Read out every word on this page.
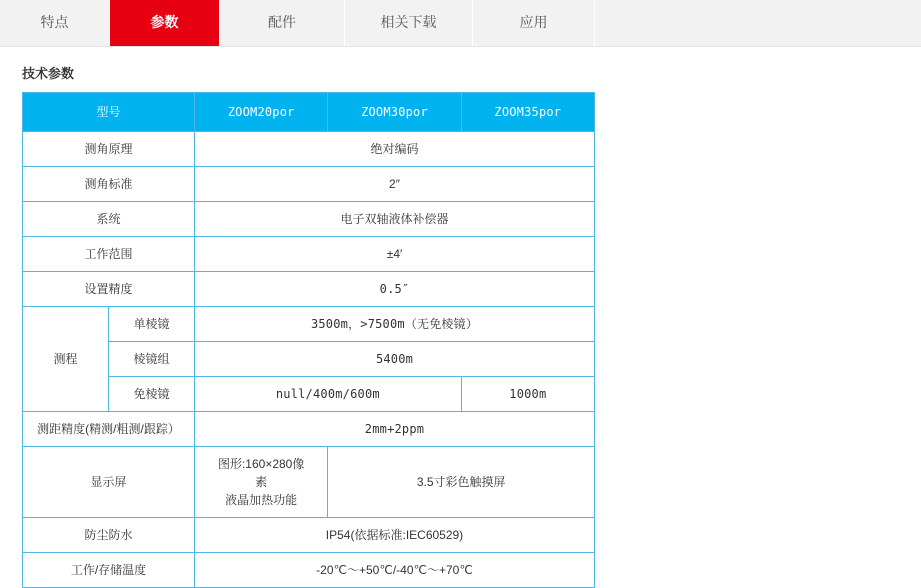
特点	参数	配件	相关下载	应用
技术参数
型号		ZOOM20por	ZOOM30por	ZOOM35por
测角原理		绝对编码		
测角标准		2″		
系统		电子双轴液体补偿器		
工作范围		±4′		
设置精度		0.5″		
测程	单棱镜	3500m，>7500m（无免棱镜）		
	棱镜组	5400m		
	免棱镜	null/400m/600m		1000m
测距精度(精测/粗测/跟踪）		2mm+2ppm		
显示屏		图形:160×280像
素
液晶加热功能	3.5寸彩色触摸屏	
防尘防水		IP54(依据标准:IEC60529)		
工作/存储温度		-20℃～+50℃/-40℃～+70℃		
